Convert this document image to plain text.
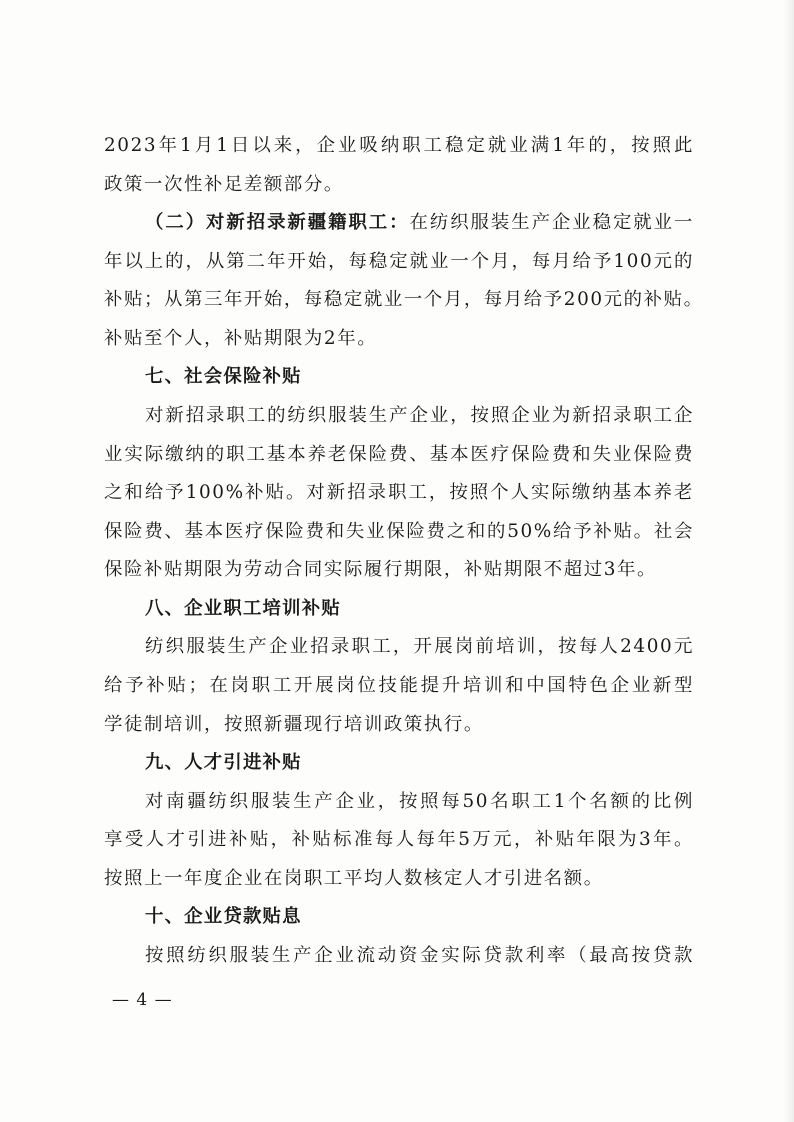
2023年1月1日以来，企业吸纳职工稳定就业满1年的，按照此
政策一次性补足差额部分。
（二）对新招录新疆籍职工：在纺织服装生产企业稳定就业一
年以上的，从第二年开始，每稳定就业一个月，每月给予100元的
补贴；从第三年开始，每稳定就业一个月，每月给予200元的补贴。
补贴至个人，补贴期限为2年。
七、社会保险补贴
对新招录职工的纺织服装生产企业，按照企业为新招录职工企
业实际缴纳的职工基本养老保险费、基本医疗保险费和失业保险费
之和给予100%补贴。对新招录职工，按照个人实际缴纳基本养老
保险费、基本医疗保险费和失业保险费之和的50%给予补贴。社会
保险补贴期限为劳动合同实际履行期限，补贴期限不超过3年。
八、企业职工培训补贴
纺织服装生产企业招录职工，开展岗前培训，按每人2400元
给予补贴；在岗职工开展岗位技能提升培训和中国特色企业新型
学徒制培训，按照新疆现行培训政策执行。
九、人才引进补贴
对南疆纺织服装生产企业，按照每50名职工1个名额的比例
享受人才引进补贴，补贴标准每人每年5万元，补贴年限为3年。
按照上一年度企业在岗职工平均人数核定人才引进名额。
十、企业贷款贴息
按照纺织服装生产企业流动资金实际贷款利率（最高按贷款
— 4 —
